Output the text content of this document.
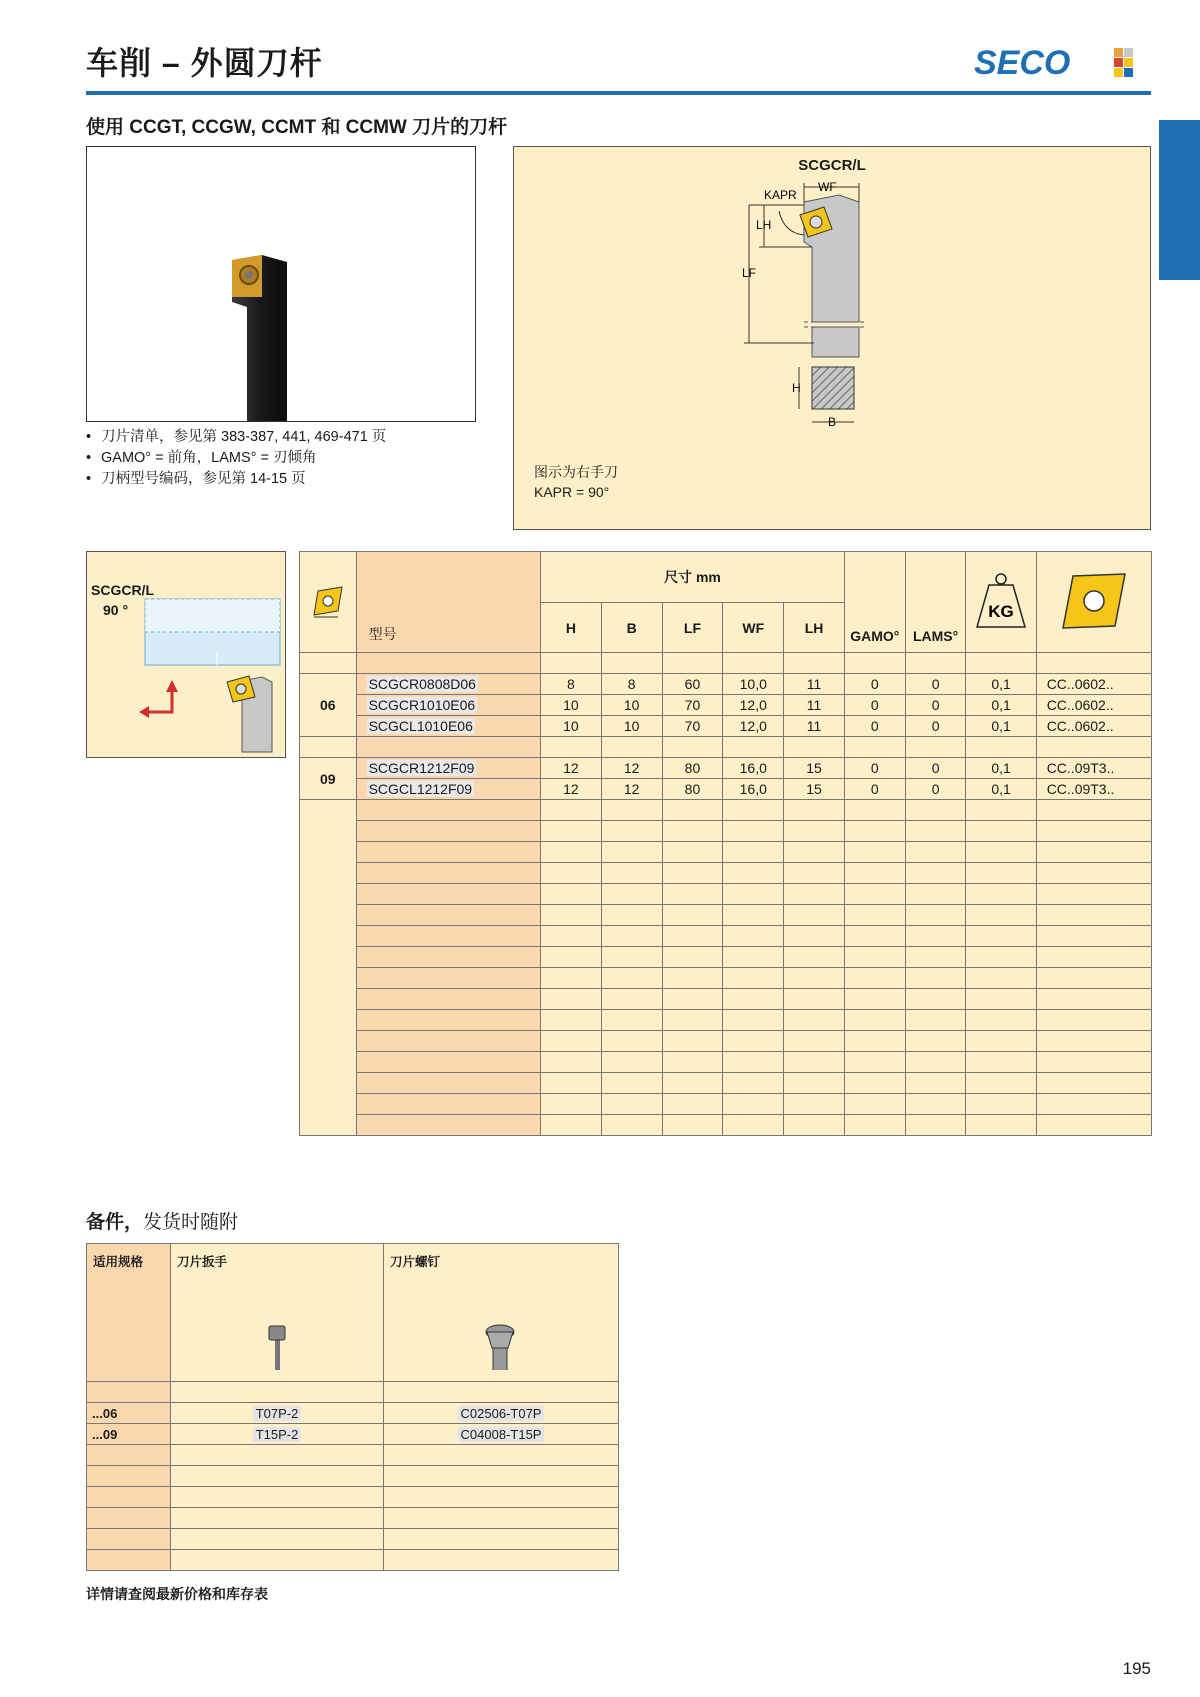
车削 – 外圆刀杆	SECO
使用 CCGT, CCGW, CCMT 和 CCMW 刀片的刀杆
• 刀片清单，参见第 383-387, 441, 469-471 页
• GAMO° = 前角，LAMS° = 刃倾角
• 刀柄型号编码，参见第 14-15 页
SCGCR/L
WF
KAPR
LF
LH
H
B
图示为右手刀
KAPR = 90°
SCGCR/L
90 °
	型号	尺寸 mm					GAMO°	LAMS°	KG

		H	B	LF	WF	LH				

06	SCGCR0808D06	8	8	60	10,0	11	0	0	0,1	CC..0602..
	SCGCR1010E06	10	10	70	12,0	11	0	0	0,1	CC..0602..
	SCGCL1010E06	10	10	70	12,0	11	0	0	0,1	CC..0602..

09	SCGCR1212F09	12	12	80	16,0	15	0	0	0,1	CC..09T3..
	SCGCL1212F09	12	12	80	16,0	15	0	0	0,1	CC..09T3..

备件，发货时随附
适用规格	刀片扳手	刀片螺钉

...06	T07P-2	C02506-T07P
...09	T15P-2	C04008-T15P

详情请查阅最新价格和库存表
195
